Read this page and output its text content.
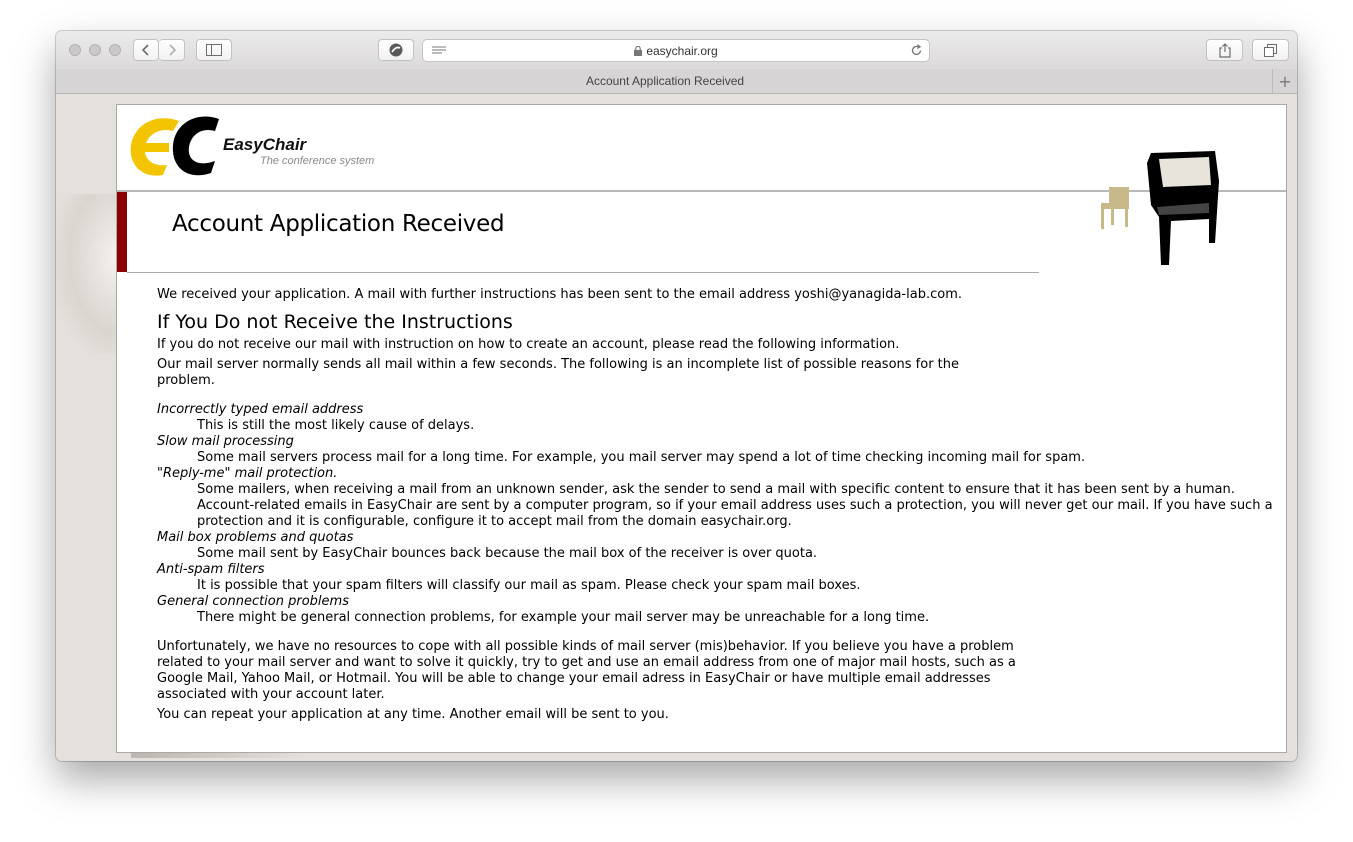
easychair.org
Account Application Received	+
EasyChair
The conference system
Account Application Received

We received your application. A mail with further instructions has been sent to the email address yoshi@yanagida-lab.com.

If You Do not Receive the Instructions

If you do not receive our mail with instruction on how to create an account, please read the following information.

Our mail server normally sends all mail within a few seconds. The following is an incomplete list of possible reasons for the problem.

Incorrectly typed email address
This is still the most likely cause of delays.
Slow mail processing
Some mail servers process mail for a long time. For example, you mail server may spend a lot of time checking incoming mail for spam.
"Reply-me" mail protection.
Some mailers, when receiving a mail from an unknown sender, ask the sender to send a mail with specific content to ensure that it has been sent by a human.
Account-related emails in EasyChair are sent by a computer program, so if your email address uses such a protection, you will never get our mail. If you have such a protection and it is configurable, configure it to accept mail from the domain easychair.org.
Mail box problems and quotas
Some mail sent by EasyChair bounces back because the mail box of the receiver is over quota.
Anti-spam filters
It is possible that your spam filters will classify our mail as spam. Please check your spam mail boxes.
General connection problems
There might be general connection problems, for example your mail server may be unreachable for a long time.

Unfortunately, we have no resources to cope with all possible kinds of mail server (mis)behavior. If you believe you have a problem related to your mail server and want to solve it quickly, try to get and use an email address from one of major mail hosts, such as a Google Mail, Yahoo Mail, or Hotmail. You will be able to change your email adress in EasyChair or have multiple email addresses associated with your account later.

You can repeat your application at any time. Another email will be sent to you.
